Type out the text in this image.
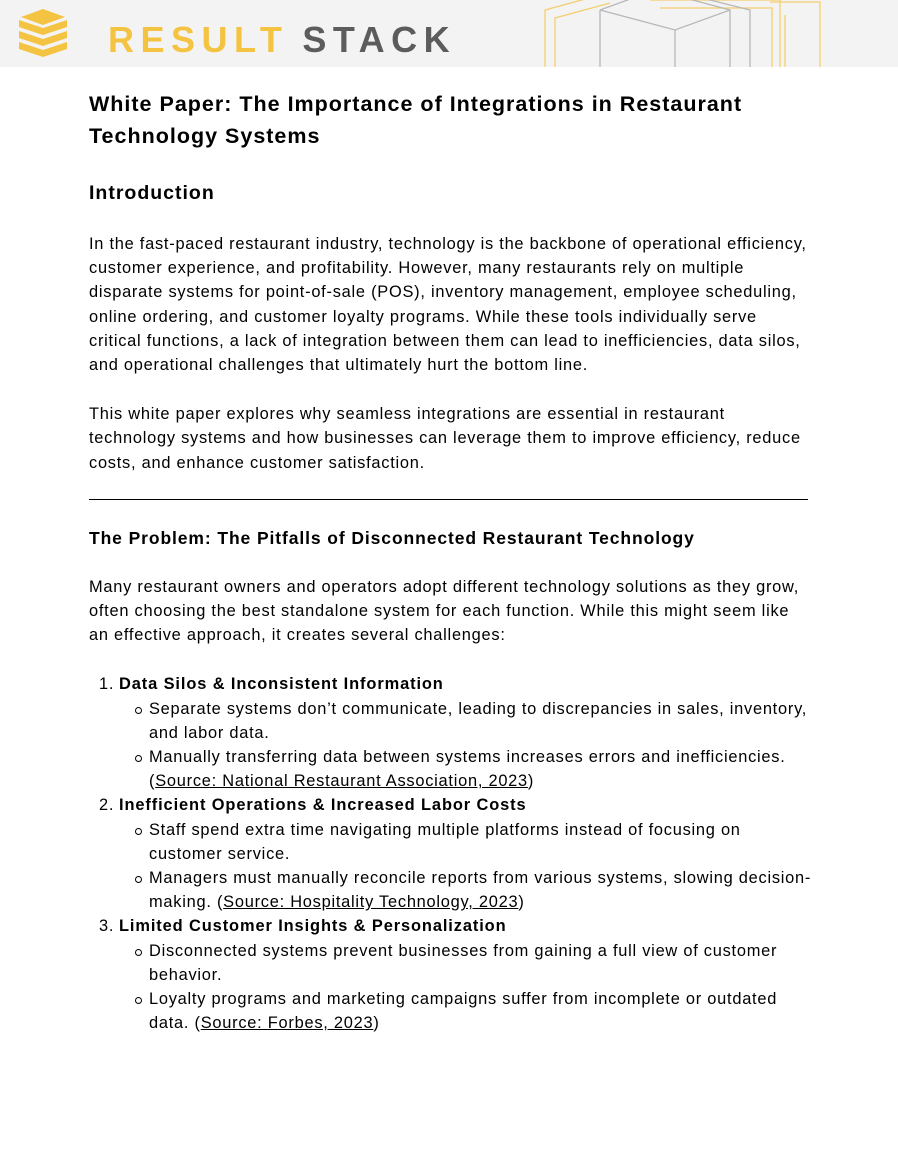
RESULT STACK
White Paper: The Importance of Integrations in Restaurant Technology Systems
Introduction

In the fast-paced restaurant industry, technology is the backbone of operational efficiency, customer experience, and profitability. However, many restaurants rely on multiple disparate systems for point-of-sale (POS), inventory management, employee scheduling, online ordering, and customer loyalty programs. While these tools individually serve critical functions, a lack of integration between them can lead to inefficiencies, data silos, and operational challenges that ultimately hurt the bottom line.

This white paper explores why seamless integrations are essential in restaurant technology systems and how businesses can leverage them to improve efficiency, reduce costs, and enhance customer satisfaction.

The Problem: The Pitfalls of Disconnected Restaurant Technology

Many restaurant owners and operators adopt different technology solutions as they grow, often choosing the best standalone system for each function. While this might seem like an effective approach, it creates several challenges:

1. Data Silos & Inconsistent Information
Separate systems don’t communicate, leading to discrepancies in sales, inventory, and labor data.
Manually transferring data between systems increases errors and inefficiencies. (Source: National Restaurant Association, 2023)
2. Inefficient Operations & Increased Labor Costs
Staff spend extra time navigating multiple platforms instead of focusing on customer service.
Managers must manually reconcile reports from various systems, slowing decision-making. (Source: Hospitality Technology, 2023)
3. Limited Customer Insights & Personalization
Disconnected systems prevent businesses from gaining a full view of customer behavior.
Loyalty programs and marketing campaigns suffer from incomplete or outdated data. (Source: Forbes, 2023)
